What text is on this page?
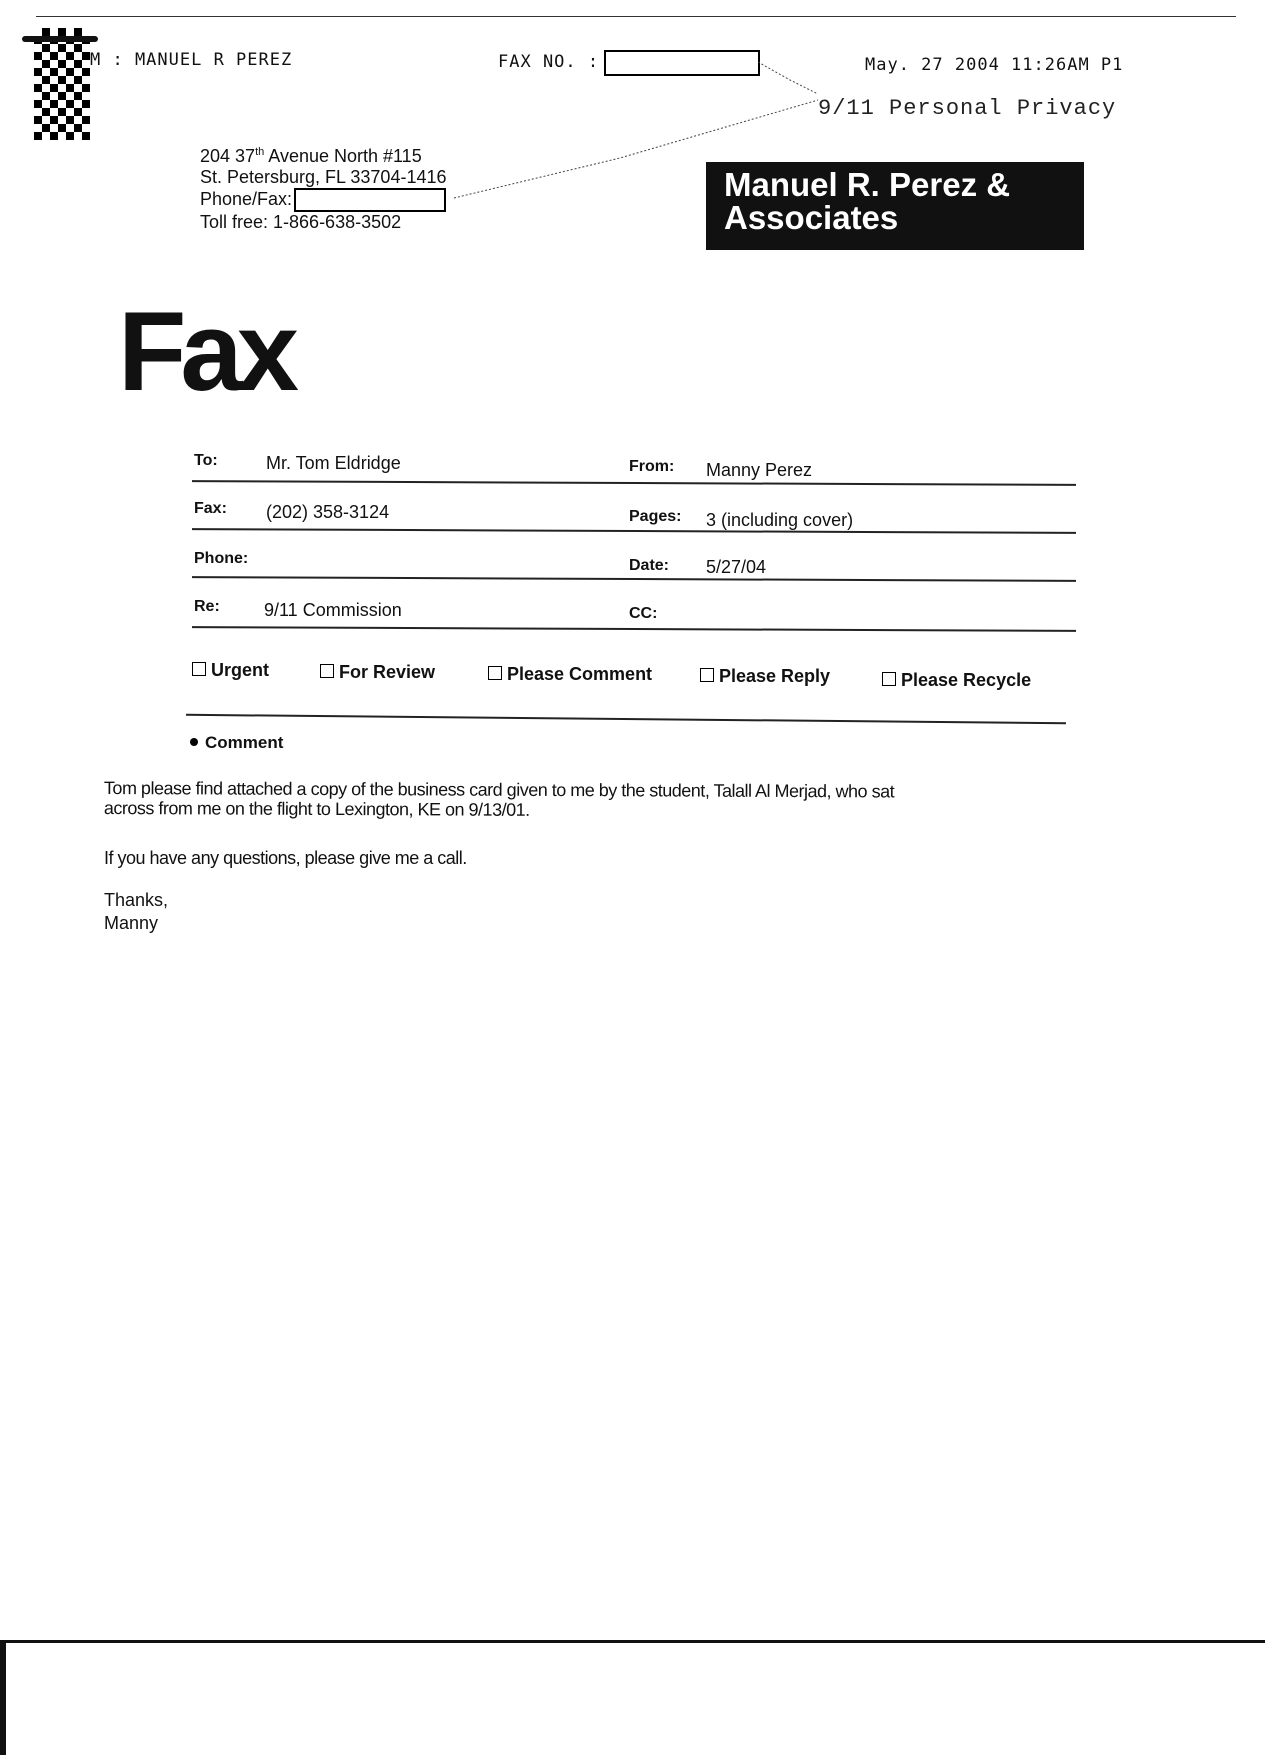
M : MANUEL R PEREZ	FAX NO. :	May. 27 2004 11:26AM P1
9/11 Personal Privacy
204 37th Avenue North #115
St. Petersburg, FL 33704-1416
Phone/Fax:
Toll free: 1-866-638-3502
Manuel R. Perez &
Associates
Fax
To:	Mr. Tom Eldridge	From: Manny Perez
Fax: (202) 358-3124	Pages: 3 (including cover)
Phone:	Date: 5/27/04
Re: 9/11 Commission	CC:
Urgent	For Review	Please Comment	Please Reply	Please Recycle
Comment
Tom please find attached a copy of the business card given to me by the student, Talall Al Merjad, who sat
across from me on the flight to Lexington, KE on 9/13/01.
If you have any questions, please give me a call.
Thanks,
Manny
